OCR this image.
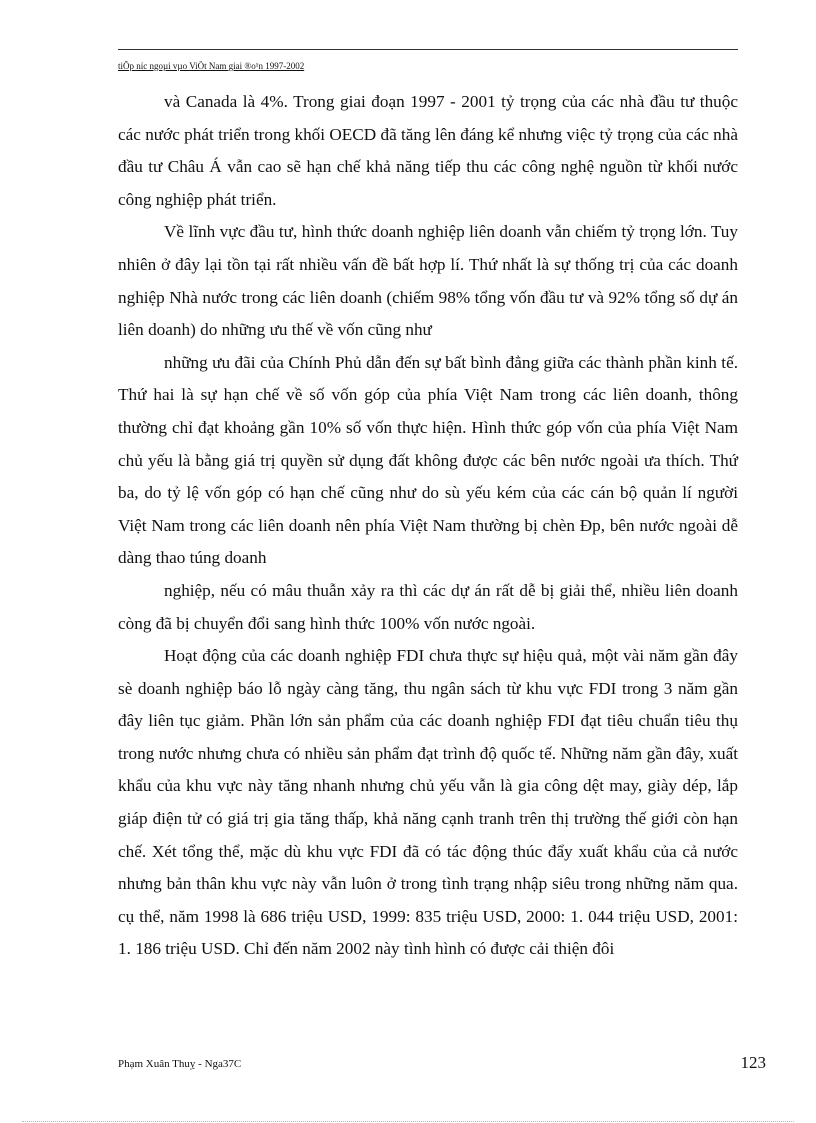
tiÕp níc ngoµi vµo ViÖt Nam giai ®o¹n 1997-2002

và Canada là 4%. Trong giai đoạn 1997 - 2001 tỷ trọng của các nhà đầu tư thuộc các nước phát triển trong khối OECD đã tăng lên đáng kể nhưng việc tỷ trọng của các nhà đầu tư Châu Á vẫn cao sẽ hạn chế khả năng tiếp thu các công nghệ nguồn từ khối nước công nghiệp phát triển.

Về lĩnh vực đầu tư, hình thức doanh nghiệp liên doanh vẫn chiếm tỷ trọng lớn. Tuy nhiên ở đây lại tồn tại rất nhiều vấn đề bất hợp lí. Thứ nhất là sự thống trị của các doanh nghiệp Nhà nước trong các liên doanh (chiếm 98% tổng vốn đầu tư và 92% tổng số dự án liên doanh) do những ưu thế về vốn cũng như

những ưu đãi của Chính Phủ dẫn đến sự bất bình đẳng giữa các thành phần kinh tế. Thứ hai là sự hạn chế về số vốn góp của phía Việt Nam trong các liên doanh, thông thường chỉ đạt khoảng gần 10% số vốn thực hiện. Hình thức góp vốn của phía Việt Nam chủ yếu là bằng giá trị quyền sử dụng đất không được các bên nước ngoài ưa thích. Thứ ba, do tỷ lệ vốn góp có hạn chế cũng như do sù yếu kém của các cán bộ quản lí người Việt Nam trong các liên doanh nên phía Việt Nam thường bị chèn Đp, bên nước ngoài dễ dàng thao túng doanh

nghiệp, nếu có mâu thuẫn xảy ra thì các dự án rất dễ bị giải thể, nhiều liên doanh còng đã bị chuyển đổi sang hình thức 100% vốn nước ngoài.

Hoạt động của các doanh nghiệp FDI chưa thực sự hiệu quả, một vài năm gần đây sè doanh nghiệp báo lỗ ngày càng tăng, thu ngân sách từ khu vực FDI trong 3 năm gần đây liên tục giảm. Phần lớn sản phẩm của các doanh nghiệp FDI đạt tiêu chuẩn tiêu thụ trong nước nhưng chưa có nhiều sản phẩm đạt trình độ quốc tế. Những năm gần đây, xuất khẩu của khu vực này tăng nhanh nhưng chủ yếu vẫn là gia công dệt may, giày dép, lắp giáp điện tử có giá trị gia tăng thấp, khả năng cạnh tranh trên thị trường thế giới còn hạn chế. Xét tổng thể, mặc dù khu vực FDI đã có tác động thúc đẩy xuất khẩu của cả nước nhưng bản thân khu vực này vẫn luôn ở trong tình trạng nhập siêu trong những năm qua. cụ thể, năm 1998 là 686 triệu USD, 1999: 835 triệu USD, 2000: 1. 044 triệu USD, 2001: 1. 186 triệu USD. Chỉ đến năm 2002 này tình hình có được cải thiện đôi

Phạm Xuân Thuỵ - Nga37C	123
